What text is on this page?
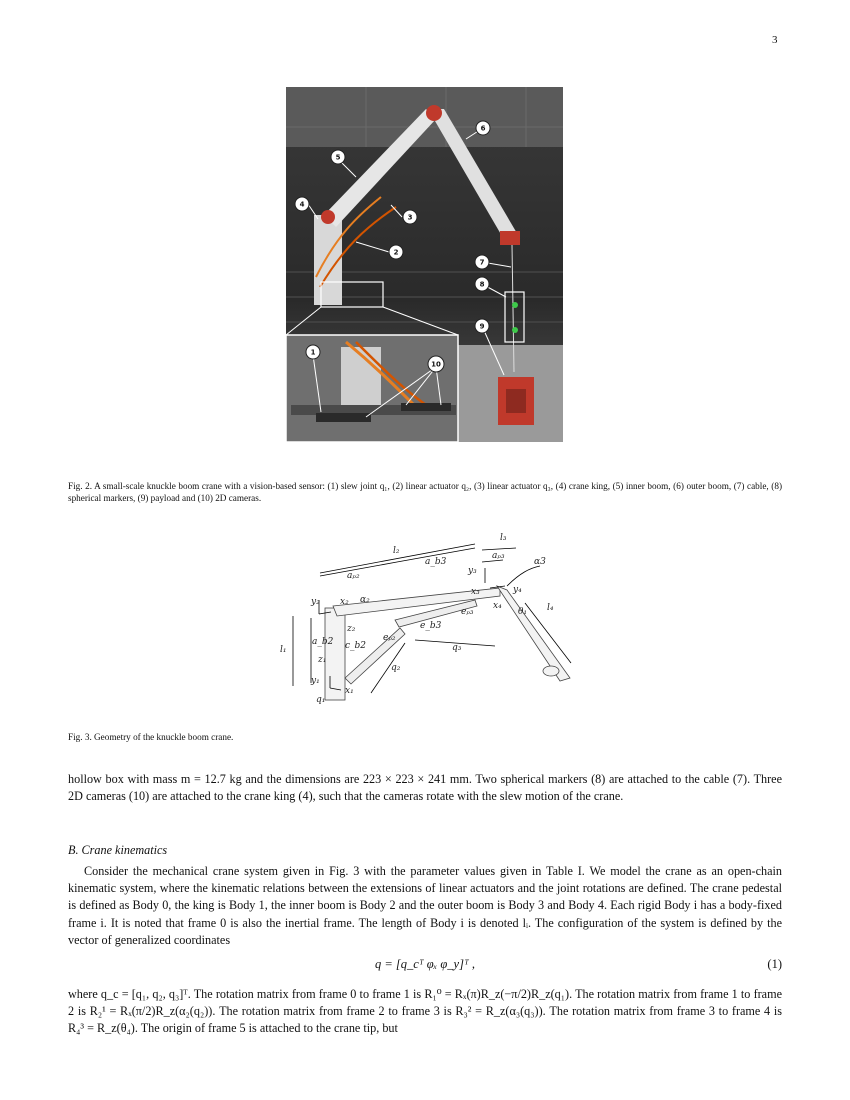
3
6
5
4
3
2
7
8
9
1
10
Fig. 2. A small-scale knuckle boom crane with a vision-based sensor: (1) slew joint q₁, (2) linear actuator q₂, (3) linear actuator q₃, (4) crane king, (5) inner boom, (6) outer boom, (7) cable, (8) spherical markers, (9) payload and (10) 2D cameras.
l₂
l₃
aₚ₂
a_b3
aₚ₃
α3
y₃
x₃	y₄
x₄
θ₁ l₄
y₂ x₂ α₂
z₂
eₚ₃
e_b3
eₚ₂
l₁
a_b2 c_b2	q₃
z₁
q₂
y₁
x₁
q₁
Fig. 3. Geometry of the knuckle boom crane.
hollow box with mass m = 12.7 kg and the dimensions are 223 × 223 × 241 mm. Two spherical markers (8) are attached to the cable (7). Three 2D cameras (10) are attached to the crane king (4), such that the cameras rotate with the slew motion of the crane.
B. Crane kinematics
Consider the mechanical crane system given in Fig. 3 with the parameter values given in Table I. We model the crane as an open-chain kinematic system, where the kinematic relations between the extensions of linear actuators and the joint rotations are defined. The crane pedestal is defined as Body 0, the king is Body 1, the inner boom is Body 2 and the outer boom is Body 3 and Body 4. Each rigid Body i has a body-fixed frame i. It is noted that frame 0 is also the inertial frame. The length of Body i is denoted lᵢ. The configuration of the system is defined by the vector of generalized coordinates
q = [q_cᵀ φₓ φ_y]ᵀ ,	(1)
where q_c = [q₁, q₂, q₃]ᵀ. The rotation matrix from frame 0 to frame 1 is R₁⁰ = Rₓ(π)R_z(−π/2)R_z(q₁). The rotation matrix from frame 1 to frame 2 is R₂¹ = Rₓ(π/2)R_z(α₂(q₂)). The rotation matrix from frame 2 to frame 3 is R₃² = R_z(α₃(q₃)). The rotation matrix from frame 3 to frame 4 is R₄³ = R_z(θ₄). The origin of frame 5 is attached to the crane tip, but
